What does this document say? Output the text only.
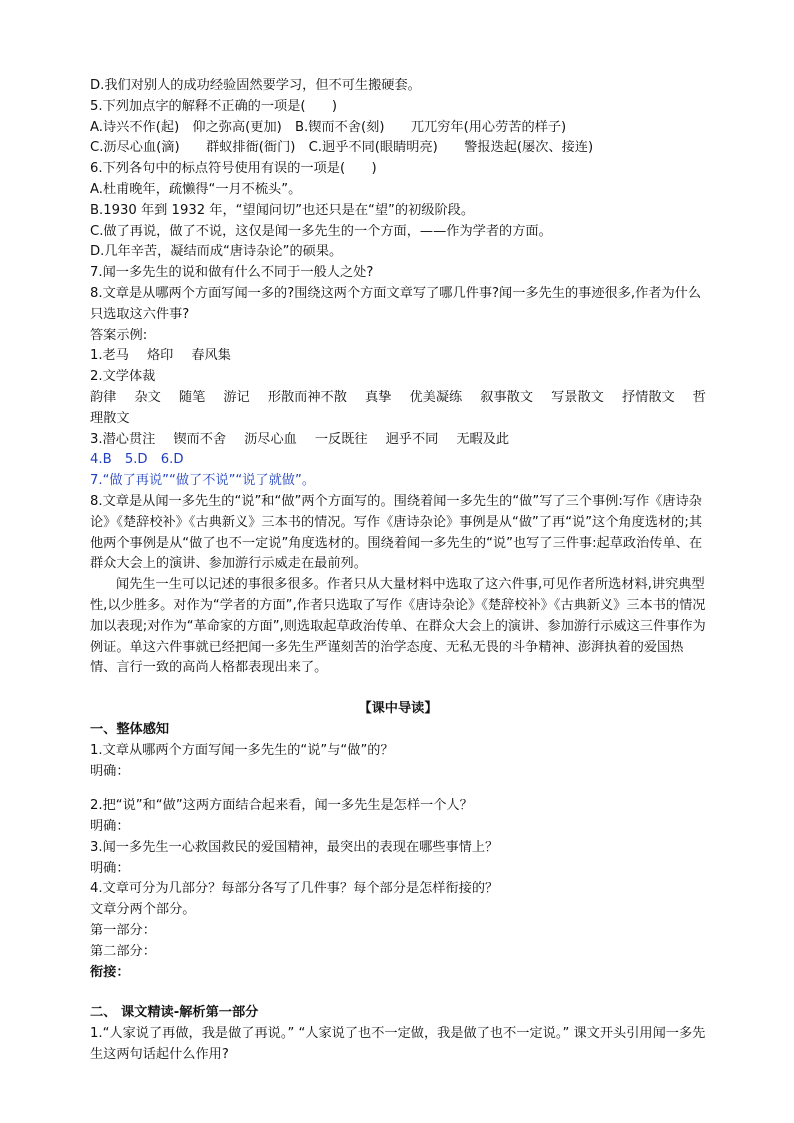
D.我们对别人的成功经验固然要学习，但不可生搬硬套。

5.下列加点字的解释不正确的一项是(　　)

A.诗兴不作(起)　仰之弥高(更加)　B.锲而不舍(刻)　　兀兀穷年(用心劳苦的样子)

C.沥尽心血(滴)　　群蚁排衙(衙门)　C.迥乎不同(眼睛明亮)　　警报迭起(屡次、接连)

6.下列各句中的标点符号使用有误的一项是(　　)

A.杜甫晚年，疏懒得“一月不梳头”。

B.1930 年到 1932 年，“望闻问切”也还只是在“望”的初级阶段。

C.做了再说，做了不说，这仅是闻一多先生的一个方面，——作为学者的方面。

D.几年辛苦，凝结而成“唐诗杂论”的硕果。

7.闻一多先生的说和做有什么不同于一般人之处?

8.文章是从哪两个方面写闻一多的?围绕这两个方面文章写了哪几件事?闻一多先生的事迹很多,作者为什么只选取这六件事?

答案示例:

1.老马 烙印 春风集

2.文学体裁

韵律 杂文 随笔 游记 形散而神不散 真挚 优美凝练 叙事散文 写景散文 抒情散文 哲

理散文

3.潜心贯注 锲而不舍 沥尽心血 一反既往 迥乎不同 无暇及此

4.B　5.D　6.D

7.“做了再说”“做了不说”“说了就做”。

8.文章是从闻一多先生的“说”和“做”两个方面写的。围绕着闻一多先生的“做”写了三个事例:写作《唐诗杂论》《楚辞校补》《古典新义》三本书的情况。写作《唐诗杂论》事例是从“做”了再“说”这个角度选材的;其他两个事例是从“做了也不一定说”角度选材的。围绕着闻一多先生的“说”也写了三件事:起草政治传单、在群众大会上的演讲、参加游行示威走在最前列。

闻先生一生可以记述的事很多很多。作者只从大量材料中选取了这六件事,可见作者所选材料,讲究典型性,以少胜多。对作为“学者的方面”,作者只选取了写作《唐诗杂论》《楚辞校补》《古典新义》三本书的情况加以表现;对作为“革命家的方面”,则选取起草政治传单、在群众大会上的演讲、参加游行示威这三件事作为例证。单这六件事就已经把闻一多先生严谨刻苦的治学态度、无私无畏的斗争精神、澎湃执着的爱国热情、言行一致的高尚人格都表现出来了。

【课中导读】

一、整体感知

1.文章从哪两个方面写闻一多先生的“说”与“做”的？

明确：

2.把“说”和“做”这两方面结合起来看，闻一多先生是怎样一个人？

明确：

3.闻一多先生一心救国救民的爱国精神，最突出的表现在哪些事情上？

明确：

4.文章可分为几部分？每部分各写了几件事？每个部分是怎样衔接的？

文章分两个部分。

第一部分：

第二部分：

衔接：

二、 课文精读-解析第一部分

1.“人家说了再做，我是做了再说。” “人家说了也不一定做，我是做了也不一定说。” 课文开头引用闻一多先生这两句话起什么作用?
